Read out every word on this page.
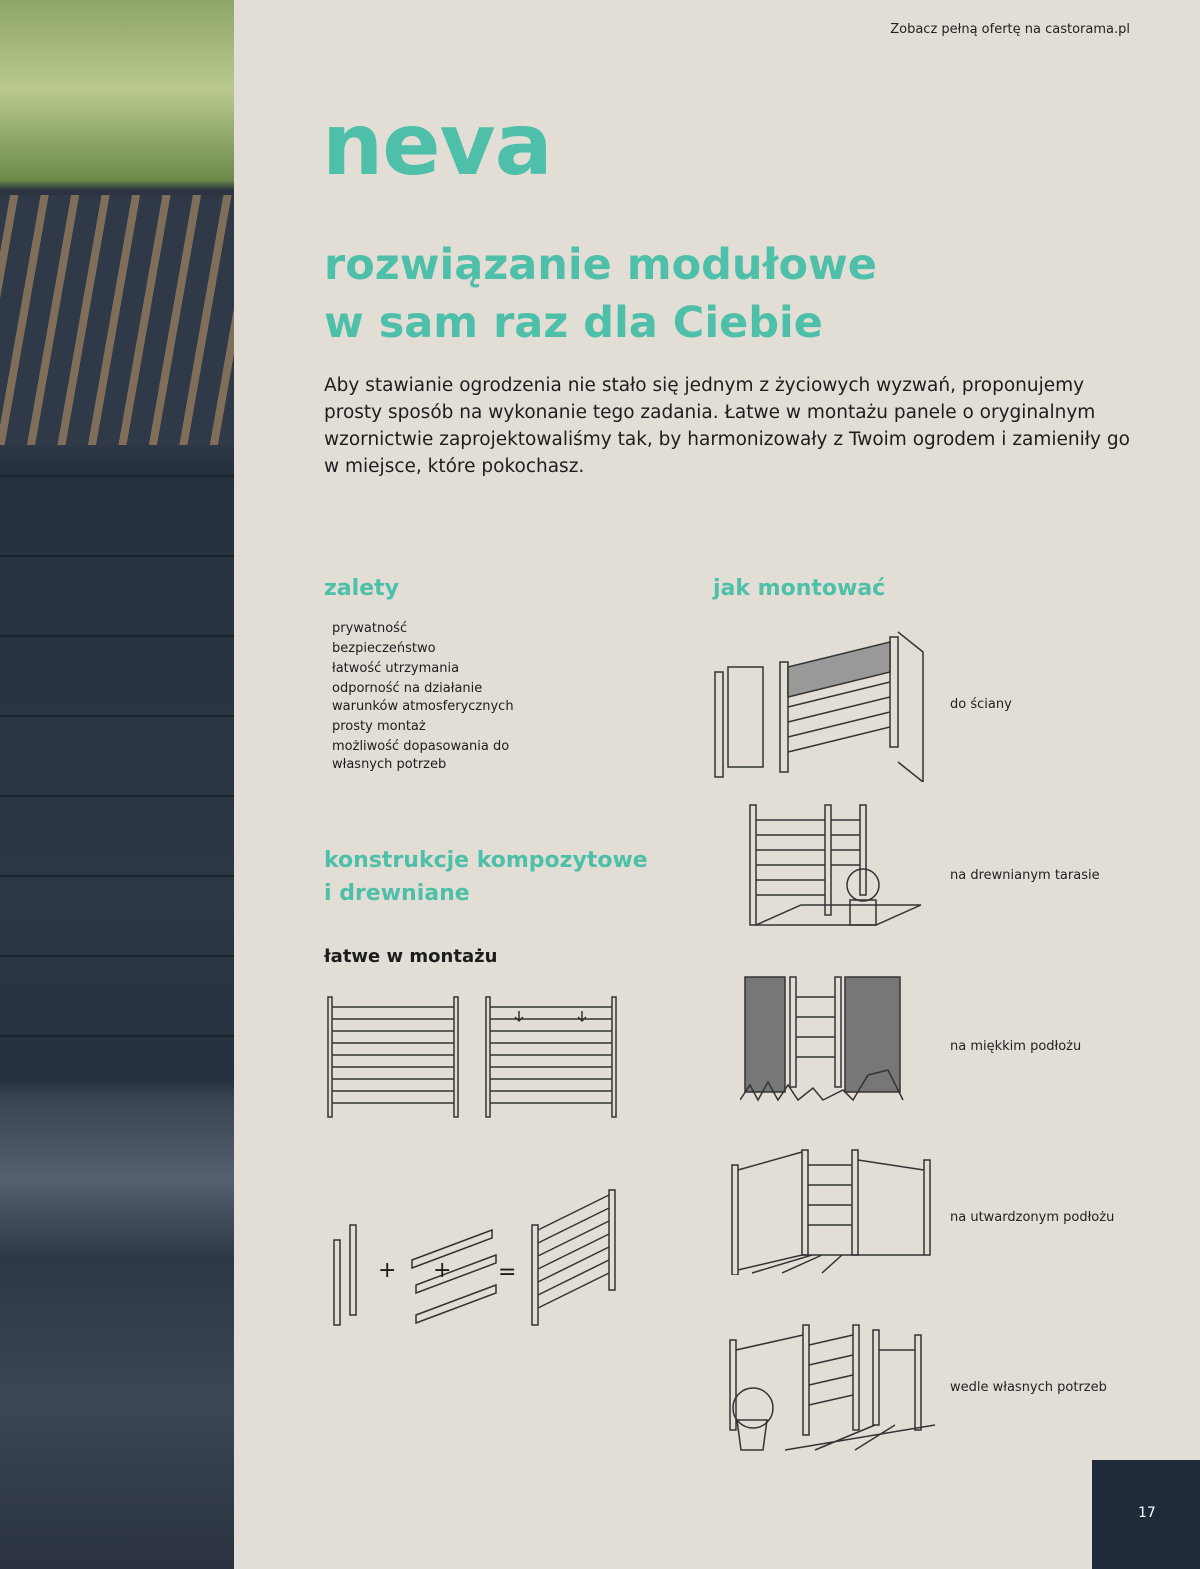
Zobacz pełną ofertę na castorama.pl
neva
rozwiązanie modułowe
w sam raz dla Ciebie
Aby stawianie ogrodzenia nie stało się jednym z życiowych wyzwań, proponujemy prosty sposób na wykonanie tego zadania. Łatwe w montażu panele o oryginalnym wzornictwie zaprojektowaliśmy tak, by harmonizowały z Twoim ogrodem i zamieniły go w miejsce, które pokochasz.
zalety
prywatność
bezpieczeństwo
łatwość utrzymania
odporność na działanie warunków atmosferycznych
prosty montaż
możliwość dopasowania do własnych potrzeb
konstrukcje kompozytowe
i drewniane
łatwe w montażu
+ + =
jak montować
do ściany
na drewnianym tarasie
na miękkim podłożu
na utwardzonym podłożu
wedle własnych potrzeb
17
